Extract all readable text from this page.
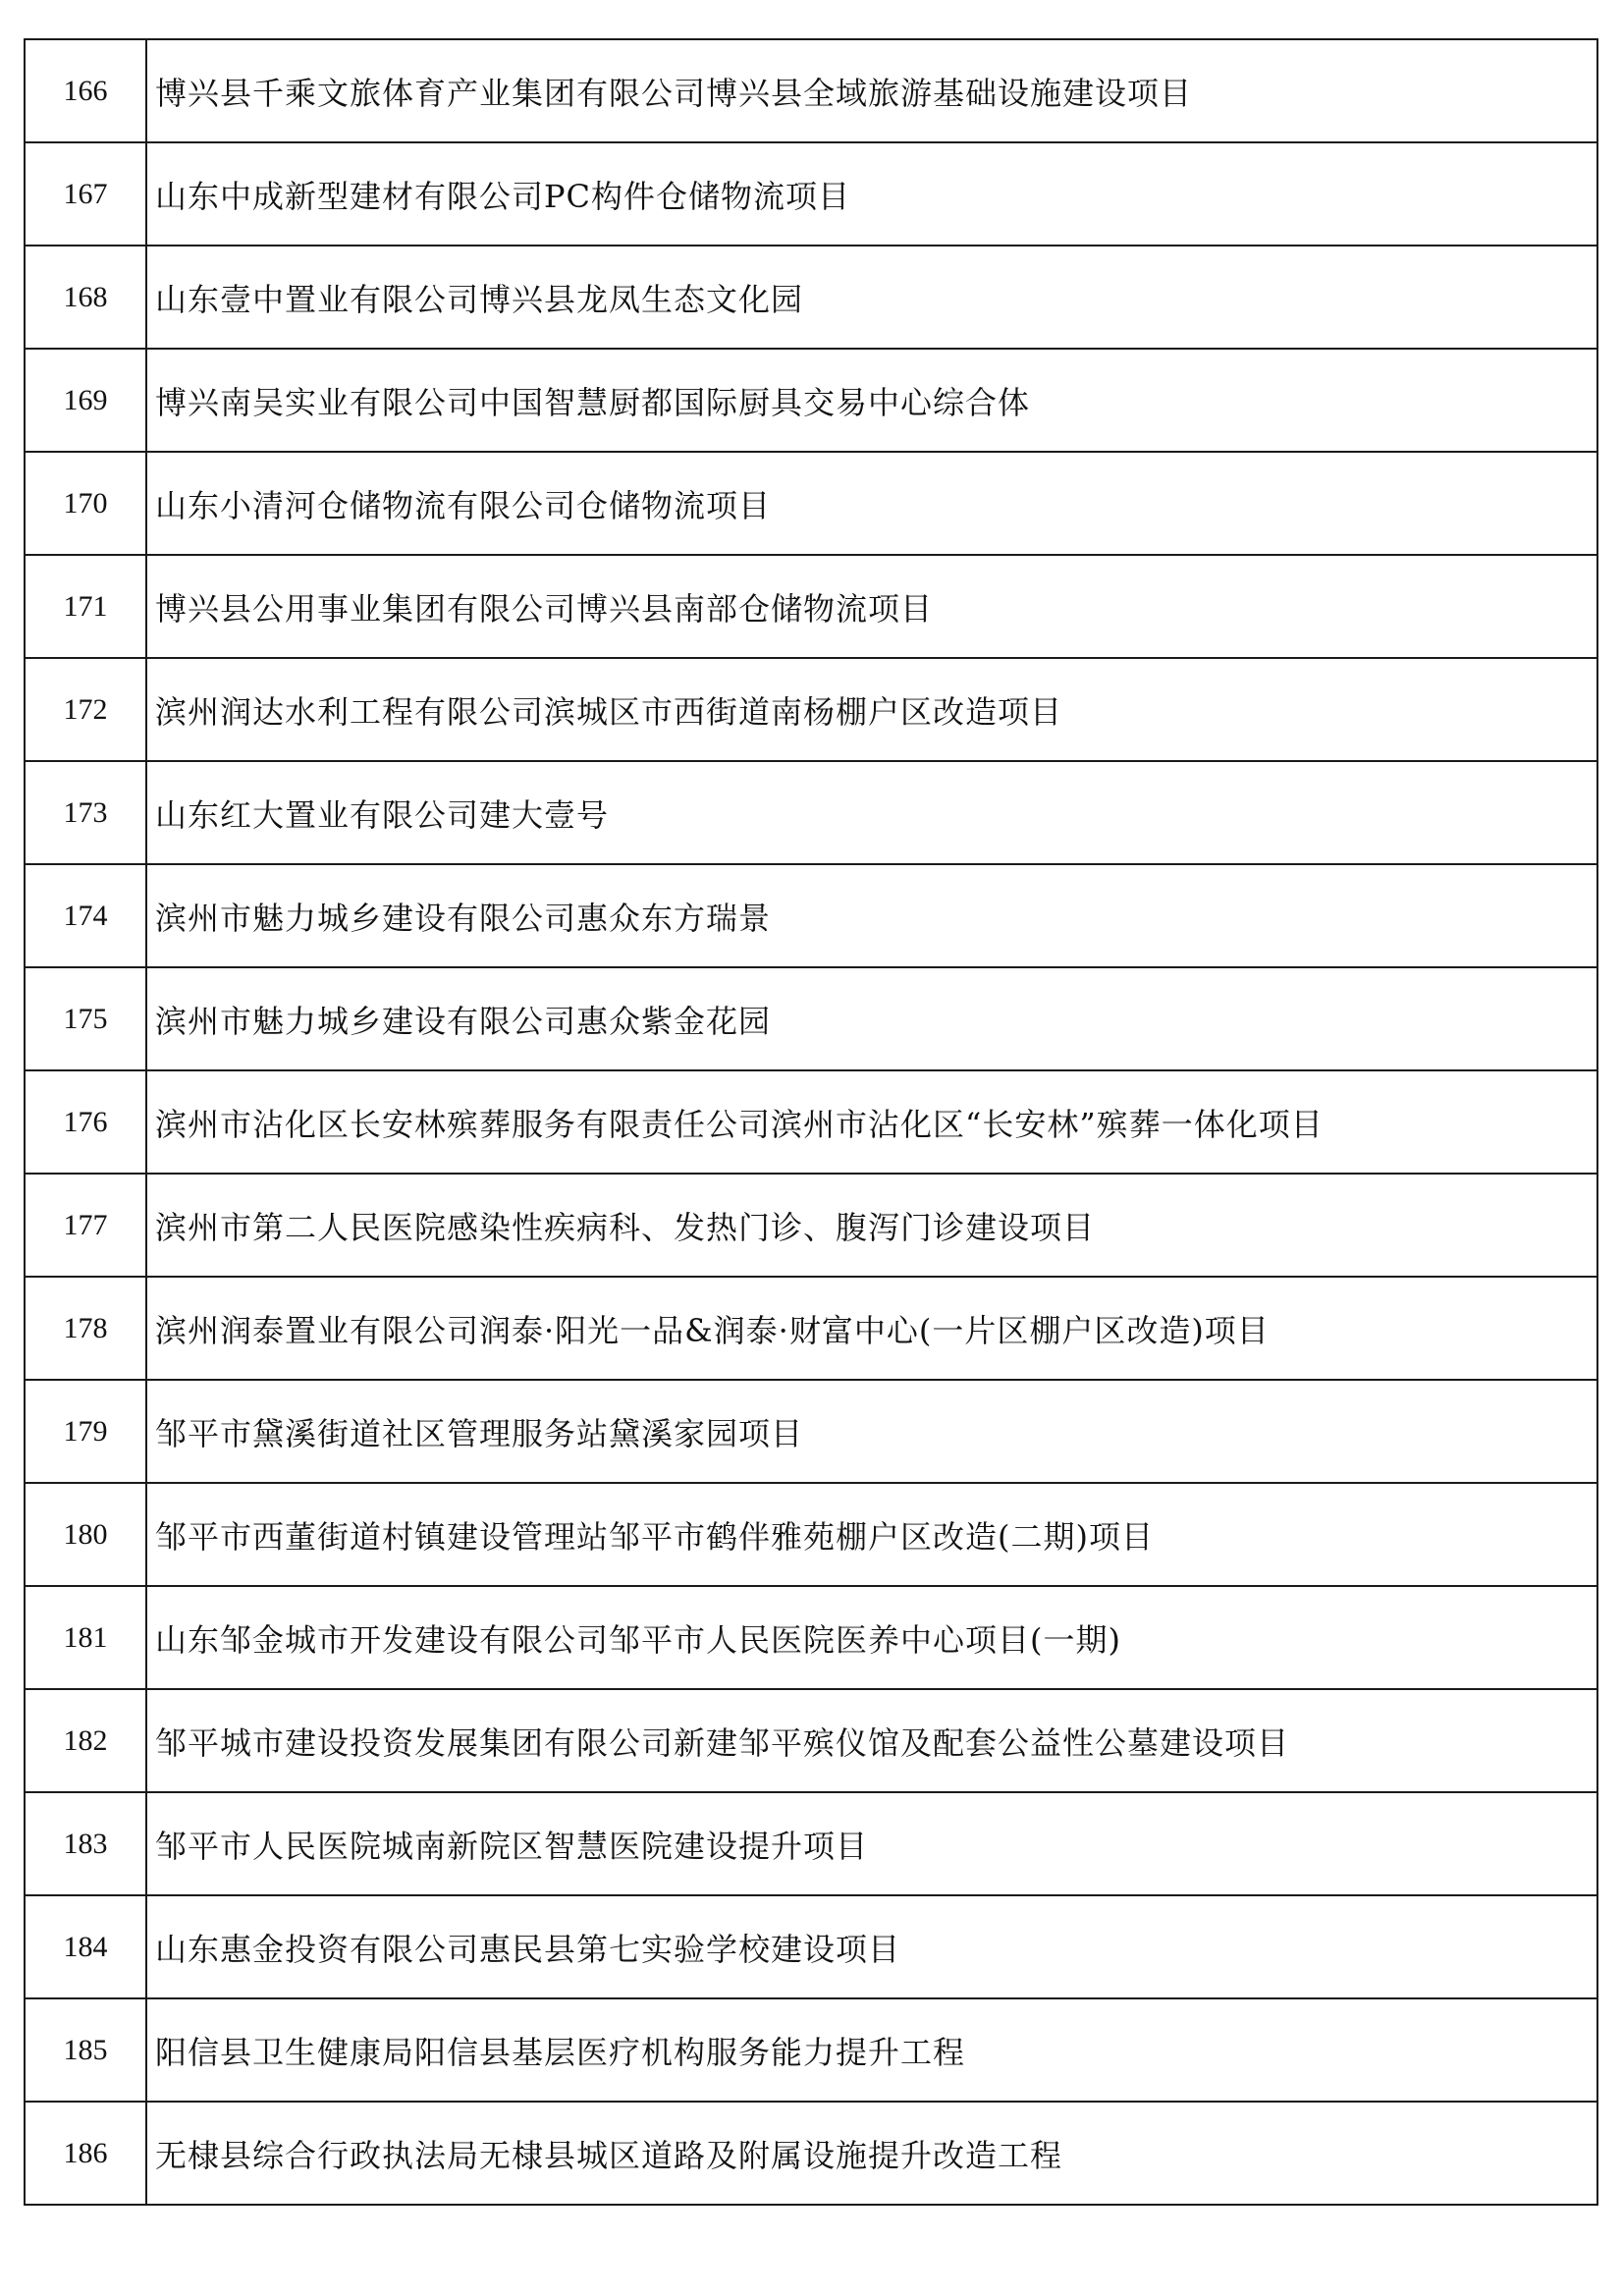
166	博兴县千乘文旅体育产业集团有限公司博兴县全域旅游基础设施建设项目
167	山东中成新型建材有限公司PC构件仓储物流项目
168	山东壹中置业有限公司博兴县龙凤生态文化园
169	博兴南吴实业有限公司中国智慧厨都国际厨具交易中心综合体
170	山东小清河仓储物流有限公司仓储物流项目
171	博兴县公用事业集团有限公司博兴县南部仓储物流项目
172	滨州润达水利工程有限公司滨城区市西街道南杨棚户区改造项目
173	山东红大置业有限公司建大壹号
174	滨州市魅力城乡建设有限公司惠众东方瑞景
175	滨州市魅力城乡建设有限公司惠众紫金花园
176	滨州市沾化区长安林殡葬服务有限责任公司滨州市沾化区“长安林”殡葬一体化项目
177	滨州市第二人民医院感染性疾病科、发热门诊、腹泻门诊建设项目
178	滨州润泰置业有限公司润泰·阳光一品&润泰·财富中心(一片区棚户区改造)项目
179	邹平市黛溪街道社区管理服务站黛溪家园项目
180	邹平市西董街道村镇建设管理站邹平市鹤伴雅苑棚户区改造(二期)项目
181	山东邹金城市开发建设有限公司邹平市人民医院医养中心项目(一期)
182	邹平城市建设投资发展集团有限公司新建邹平殡仪馆及配套公益性公墓建设项目
183	邹平市人民医院城南新院区智慧医院建设提升项目
184	山东惠金投资有限公司惠民县第七实验学校建设项目
185	阳信县卫生健康局阳信县基层医疗机构服务能力提升工程
186	无棣县综合行政执法局无棣县城区道路及附属设施提升改造工程
